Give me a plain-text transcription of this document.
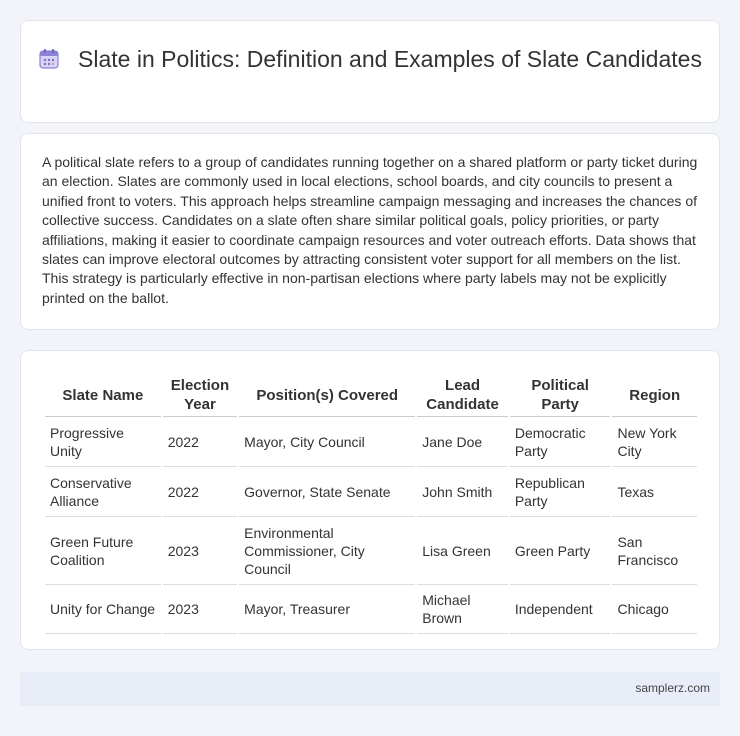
Slate in Politics: Definition and Examples of Slate Candidates

A political slate refers to a group of candidates running together on a shared platform or party ticket during an election. Slates are commonly used in local elections, school boards, and city councils to present a unified front to voters. This approach helps streamline campaign messaging and increases the chances of collective success. Candidates on a slate often share similar political goals, policy priorities, or party affiliations, making it easier to coordinate campaign resources and voter outreach efforts. Data shows that slates can improve electoral outcomes by attracting consistent voter support for all members on the list. This strategy is particularly effective in non-partisan elections where party labels may not be explicitly printed on the ballot.

Slate Name	Election Year	Position(s) Covered	Lead Candidate	Political Party	Region
Progressive Unity	2022	Mayor, City Council	Jane Doe	Democratic Party	New York City
Conservative Alliance	2022	Governor, State Senate	John Smith	Republican Party	Texas
Green Future Coalition	2023	Environmental Commissioner, City Council	Lisa Green	Green Party	San Francisco
Unity for Change	2023	Mayor, Treasurer	Michael Brown	Independent	Chicago
samplerz.com
